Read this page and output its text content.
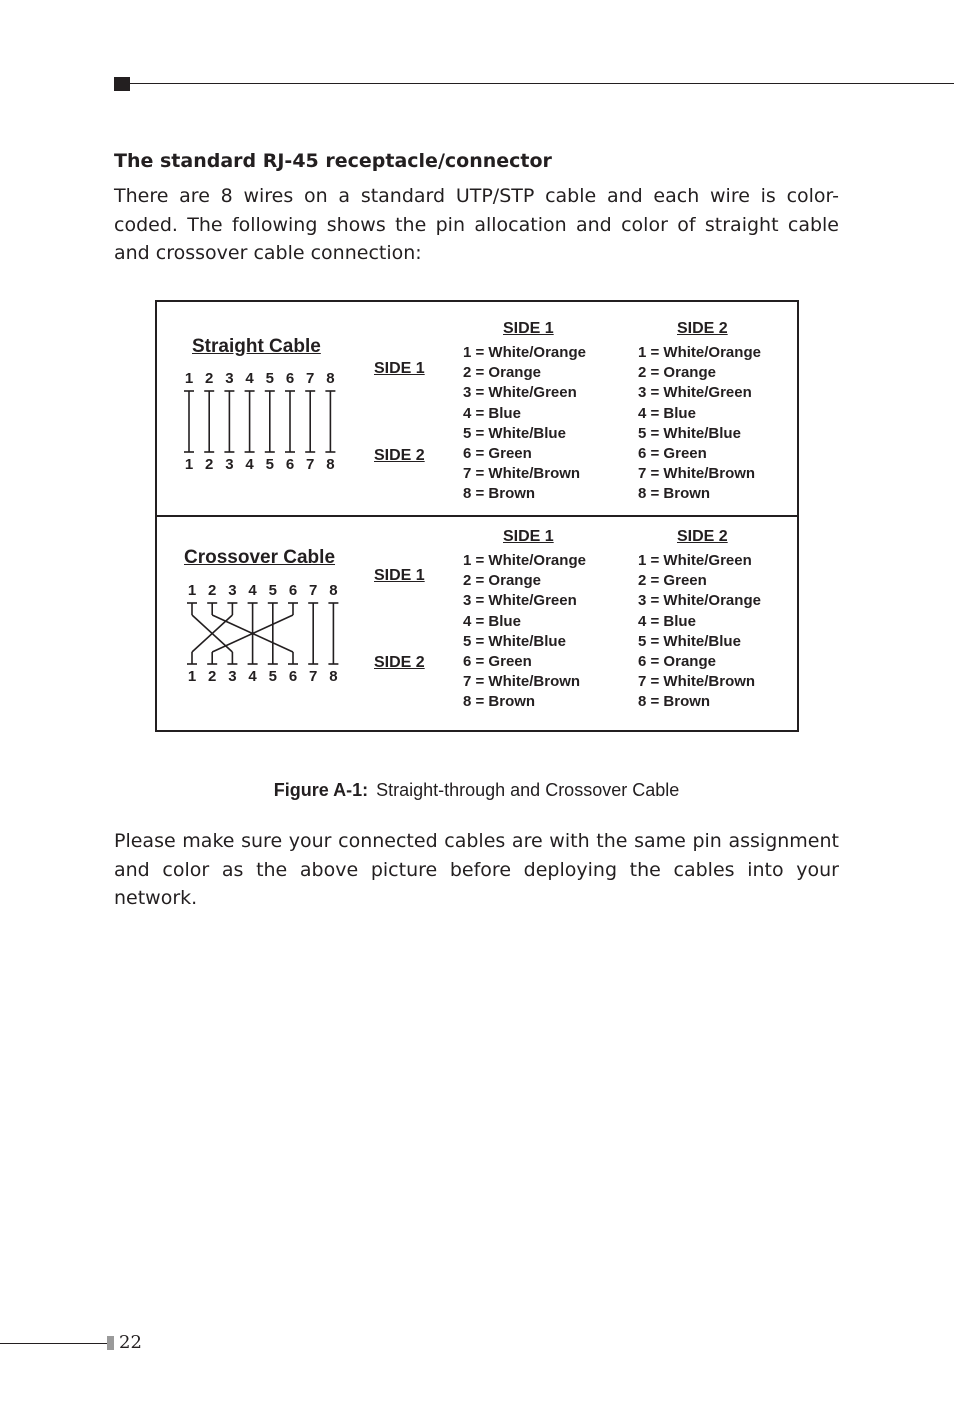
The standard RJ-45 receptacle/connector

There are 8 wires on a standard UTP/STP cable and each wire is color-coded. The following shows the pin allocation and color of straight cable and crossover cable connection:

Straight Cable
1 2 3 4 5 6 7 8
1 2 3 4 5 6 7 8
SIDE 1
SIDE 2
SIDE 1	SIDE 2
1 = White/Orange
2 = Orange
3 = White/Green
4 = Blue
5 = White/Blue
6 = Green
7 = White/Brown
8 = Brown
1 = White/Orange
2 = Orange
3 = White/Green
4 = Blue
5 = White/Blue
6 = Green
7 = White/Brown
8 = Brown
Crossover Cable
1 2 3 4 5 6 7 8
1 2 3 4 5 6 7 8
SIDE 1
SIDE 2
SIDE 1	SIDE 2
1 = White/Orange
2 = Orange
3 = White/Green
4 = Blue
5 = White/Blue
6 = Green
7 = White/Brown
8 = Brown
1 = White/Green
2 = Green
3 = White/Orange
4 = Blue
5 = White/Blue
6 = Orange
7 = White/Brown
8 = Brown

Figure A-1: Straight-through and Crossover Cable

Please make sure your connected cables are with the same pin assignment and color as the above picture before deploying the cables into your network.

22
